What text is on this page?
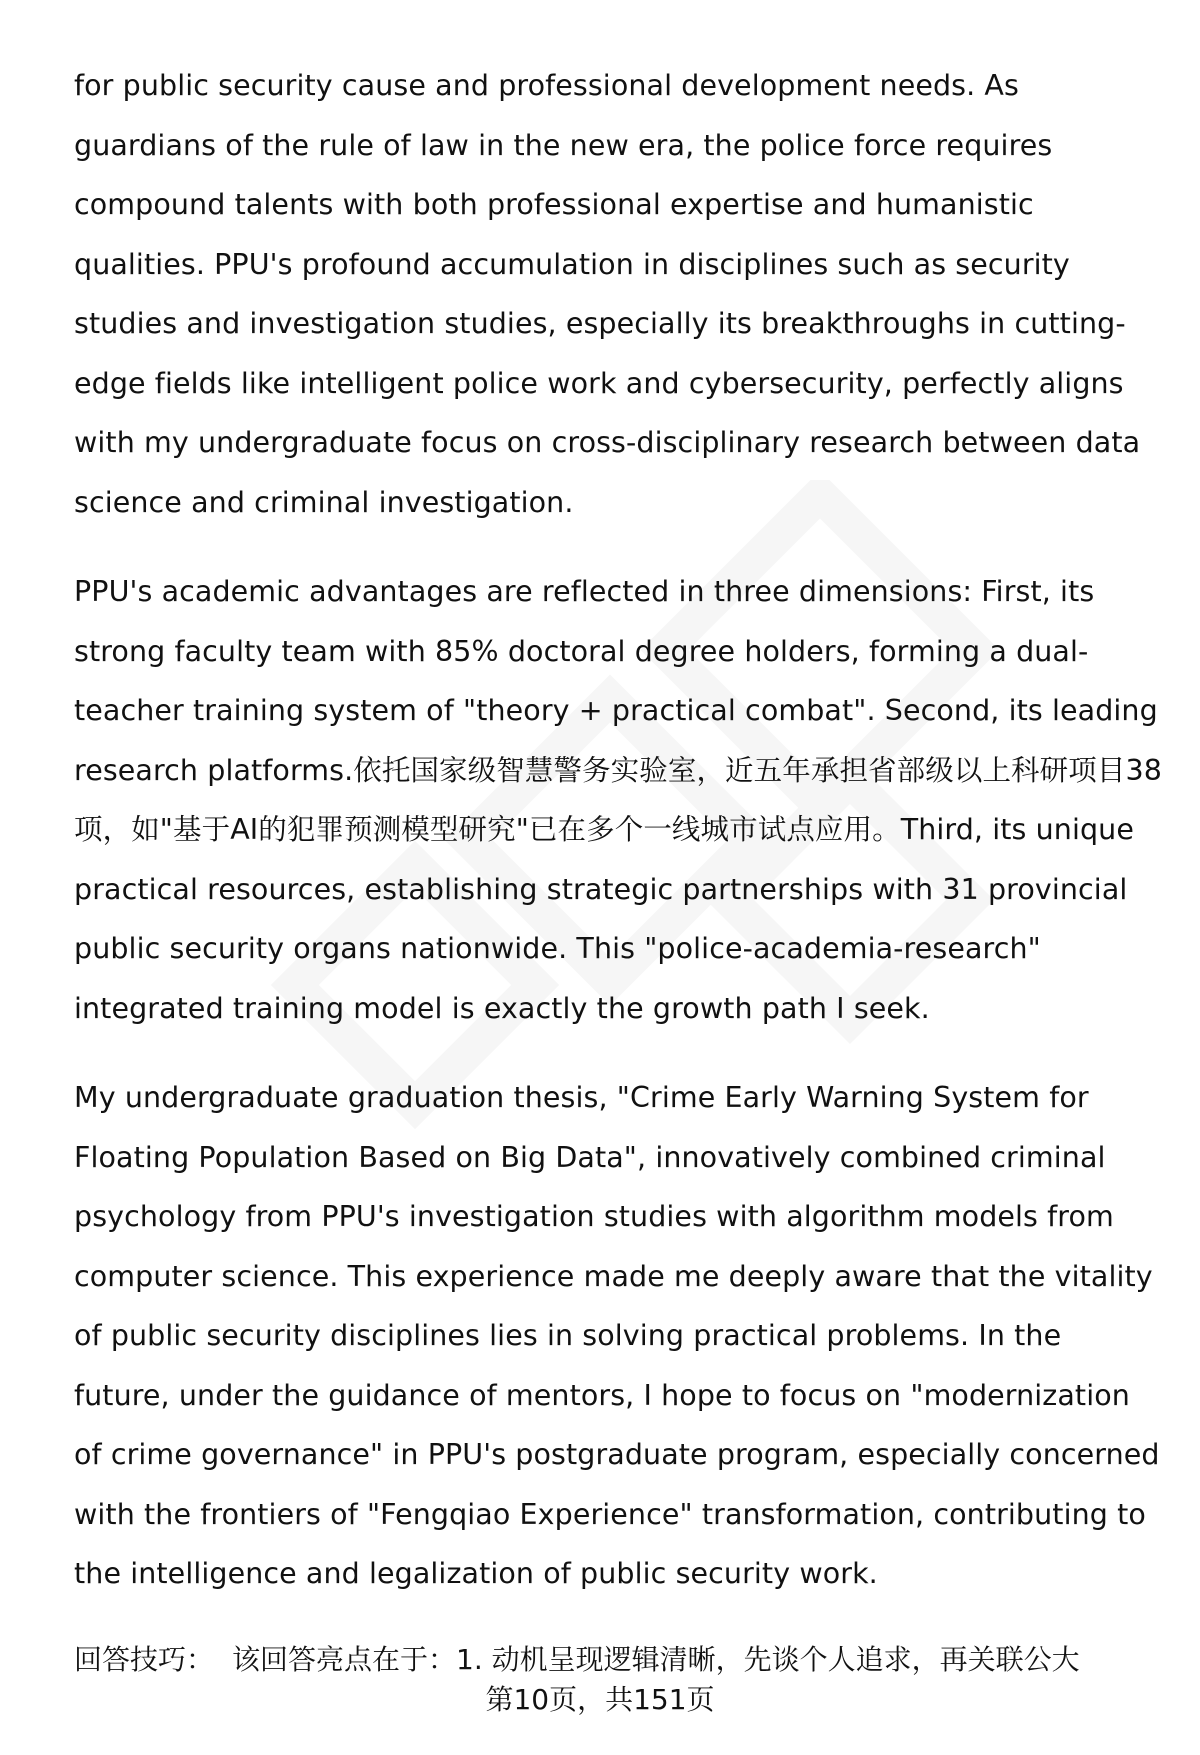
for public security cause and professional development needs. As guardians of the rule of law in the new era, the police force requires compound talents with both professional expertise and humanistic qualities. PPU's profound accumulation in disciplines such as security studies and investigation studies, especially its breakthroughs in cutting-edge fields like intelligent police work and cybersecurity, perfectly aligns with my undergraduate focus on cross-disciplinary research between data science and criminal investigation.

PPU's academic advantages are reflected in three dimensions: First, its strong faculty team with 85% doctoral degree holders, forming a dual-teacher training system of "theory + practical combat". Second, its leading research platforms.依托国家级智慧警务实验室，近五年承担省部级以上科研项目38项，如"基于AI的犯罪预测模型研究"已在多个一线城市试点应用。Third, its unique practical resources, establishing strategic partnerships with 31 provincial public security organs nationwide. This "police-academia-research" integrated training model is exactly the growth path I seek.

My undergraduate graduation thesis, "Crime Early Warning System for Floating Population Based on Big Data", innovatively combined criminal psychology from PPU's investigation studies with algorithm models from computer science. This experience made me deeply aware that the vitality of public security disciplines lies in solving practical problems. In the future, under the guidance of mentors, I hope to focus on "modernization of crime governance" in PPU's postgraduate program, especially concerned with the frontiers of "Fengqiao Experience" transformation, contributing to the intelligence and legalization of public security work.

回答技巧： 该回答亮点在于：1. 动机呈现逻辑清晰，先谈个人追求，再关联公大
第10页，共151页
